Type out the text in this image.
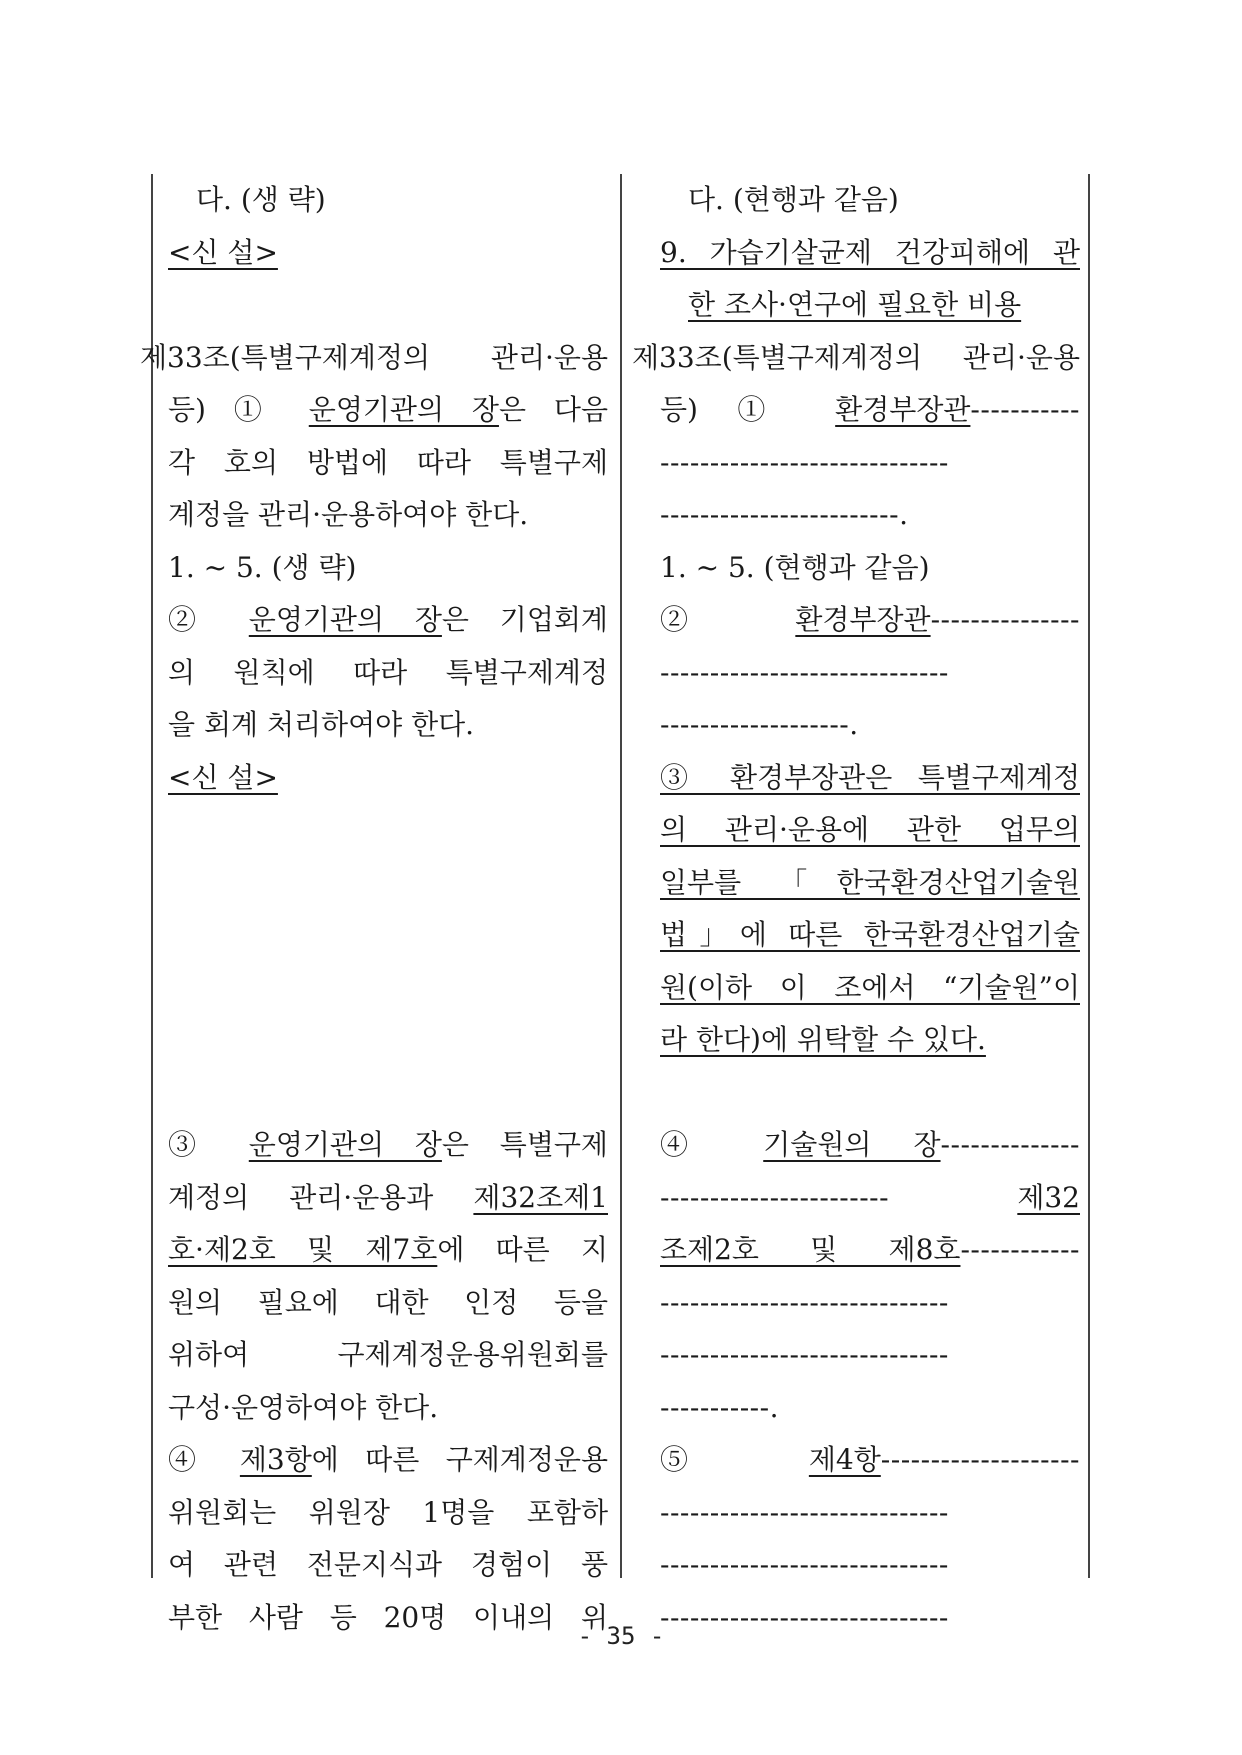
다. (생 략)
<신 설>
제33조(특별구제계정의 관리·운용
등) ① 운영기관의 장은 다음
각 호의 방법에 따라 특별구제
계정을 관리·운용하여야 한다.
1. ~ 5. (생 략)
② 운영기관의 장은 기업회계
의 원칙에 따라 특별구제계정
을 회계 처리하여야 한다.
<신 설>
③ 운영기관의 장은 특별구제
계정의 관리·운용과 제32조제1
호·제2호 및 제7호에 따른 지
원의 필요에 대한 인정 등을
위하여 구제계정운용위원회를
구성·운영하여야 한다.
④ 제3항에 따른 구제계정운용
위원회는 위원장 1명을 포함하
여 관련 전문지식과 경험이 풍
부한 사람 등 20명 이내의 위
다. (현행과 같음)
9. 가습기살균제 건강피해에 관
한 조사·연구에 필요한 비용
제33조(특별구제계정의 관리·운용
등) ① 환경부장관-----------
-----------------------------
------------------------.
1. ~ 5. (현행과 같음)
② 환경부장관---------------
-----------------------------
-------------------.
③ 환경부장관은 특별구제계정
의 관리·운용에 관한 업무의
일부를 「한국환경산업기술원
법」에 따른 한국환경산업기술
원(이하 이 조에서 “기술원”이
라 한다)에 위탁할 수 있다.
④ 기술원의 장--------------
----------------------- 제32
조제2호 및 제8호------------
-----------------------------
-----------------------------
-----------.
⑤ 제4항--------------------
-----------------------------
-----------------------------
-----------------------------
- 35 -
